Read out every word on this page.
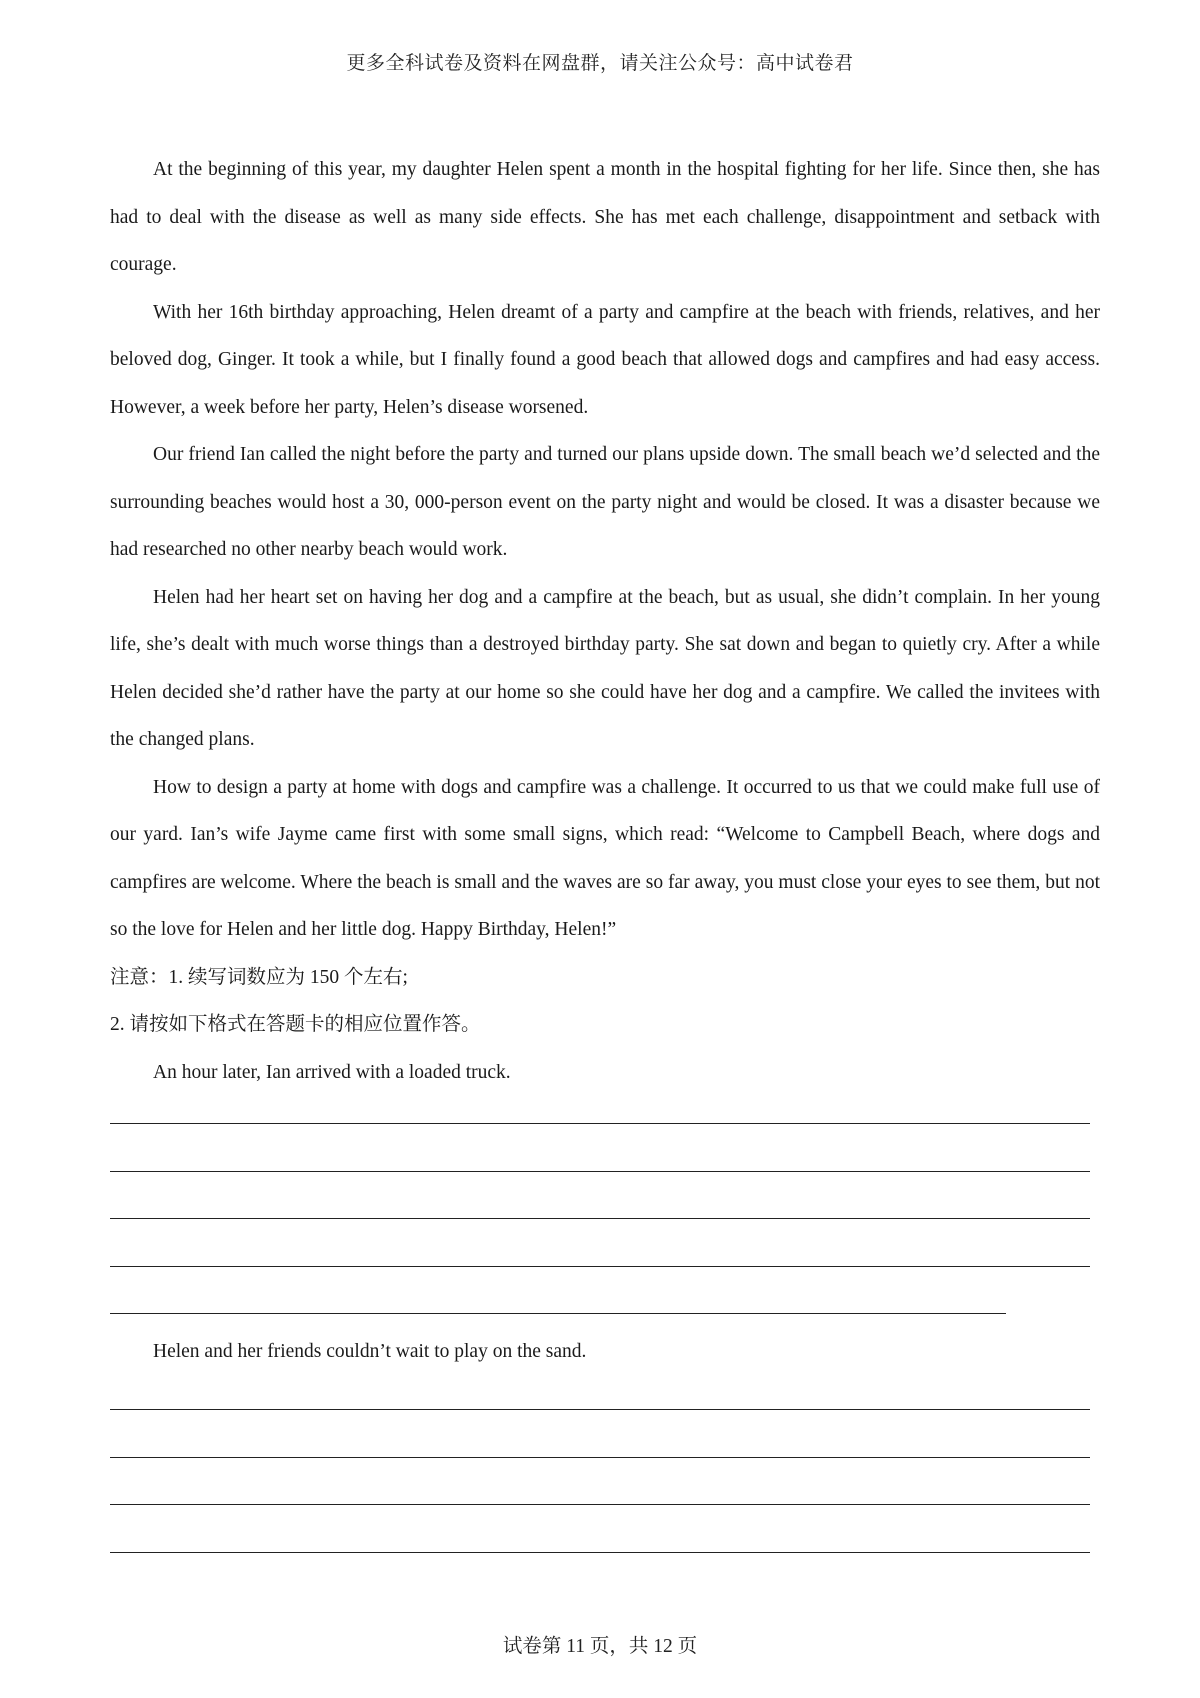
更多全科试卷及资料在网盘群，请关注公众号：高中试卷君

At the beginning of this year, my daughter Helen spent a month in the hospital fighting for her life. Since then, she has had to deal with the disease as well as many side effects. She has met each challenge, disappointment and setback with courage.

With her 16th birthday approaching, Helen dreamt of a party and campfire at the beach with friends, relatives, and her beloved dog, Ginger. It took a while, but I finally found a good beach that allowed dogs and campfires and had easy access. However, a week before her party, Helen’s disease worsened.

Our friend Ian called the night before the party and turned our plans upside down. The small beach we’d selected and the surrounding beaches would host a 30, 000-person event on the party night and would be closed. It was a disaster because we had researched no other nearby beach would work.

Helen had her heart set on having her dog and a campfire at the beach, but as usual, she didn’t complain. In her young life, she’s dealt with much worse things than a destroyed birthday party. She sat down and began to quietly cry. After a while Helen decided she’d rather have the party at our home so she could have her dog and a campfire. We called the invitees with the changed plans.

How to design a party at home with dogs and campfire was a challenge. It occurred to us that we could make full use of our yard. Ian’s wife Jayme came first with some small signs, which read: “Welcome to Campbell Beach, where dogs and campfires are welcome. Where the beach is small and the waves are so far away, you must close your eyes to see them, but not so the love for Helen and her little dog. Happy Birthday, Helen!”

注意：1. 续写词数应为 150 个左右;

2. 请按如下格式在答题卡的相应位置作答。

An hour later, Ian arrived with a loaded truck.

Helen and her friends couldn’t wait to play on the sand.

试卷第 11 页，共 12 页
